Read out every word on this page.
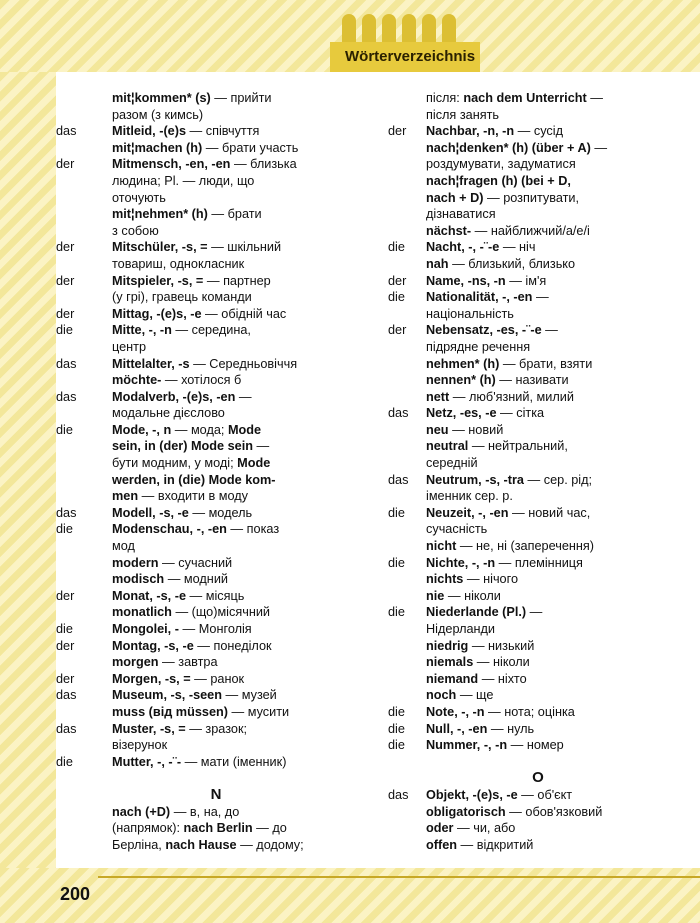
Wörterverzeichnis
mit¦kommen* (s) — прийти
разом (з кимсь)
das	Mitleid, -(e)s — співчуття
mit¦machen (h) — брати участь
der	Mitmensch, -en, -en — близька
людина; Pl. — люди, що
оточують
mit¦nehmen* (h) — брати
з собою
der	Mitschüler, -s, = — шкільний
товариш, однокласник
der	Mitspieler, -s, = — партнер
(у грі), гравець команди
der	Mittag, -(e)s, -e — обідній час
die	Mitte, -, -n — середина,
центр
das	Mittelalter, -s — Середньовіччя
möchte- — хотілося б
das	Modalverb, -(e)s, -en —
модальне дієслово
die	Mode, -, n — мода; Mode
sein, in (der) Mode sein —
бути модним, у моді; Mode
werden, in (die) Mode kom-
men — входити в моду
das	Modell, -s, -e — модель
die	Modenschau, -, -en — показ
мод
modern — сучасний
modisch — модний
der	Monat, -s, -e — місяць
monatlich — (що)місячний
die	Mongolei, - — Монголія
der	Montag, -s, -e — понеділок
morgen — завтра
der	Morgen, -s, = — ранок
das	Museum, -s, -seen — музей
muss (від müssen) — мусити
das	Muster, -s, = — зразок;
візерунок
die	Mutter, -, -¨- — мати (іменник)
N
nach (+D) — в, на, до
(напрямок): nach Berlin — до
Берліна, nach Hause — додому;
після: nach dem Unterricht —
після занять
der	Nachbar, -n, -n — сусід
nach¦denken* (h) (über + A) —
роздумувати, задуматися
nach¦fragen (h) (bei + D,
nach + D) — розпитувати,
дізнаватися
nächst- — найближчий/а/е/і
die	Nacht, -, -¨-e — ніч
nah — близький, близько
der	Name, -ns, -n — ім'я
die	Nationalität, -, -en —
національність
der	Nebensatz, -es, -¨-e —
підрядне речення
nehmen* (h) — брати, взяти
nennen* (h) — називати
nett — люб'язний, милий
das	Netz, -es, -e — сітка
neu — новий
neutral — нейтральний,
середній
das	Neutrum, -s, -tra — сер. рід;
іменник сер. р.
die	Neuzeit, -, -en — новий час,
сучасність
nicht — не, ні (заперечення)
die	Nichte, -, -n — племінниця
nichts — нічого
nie — ніколи
die	Niederlande (Pl.) —
Нідерланди
niedrig — низький
niemals — ніколи
niemand — ніхто
noch — ще
die	Note, -, -n — нота; оцінка
die	Null, -, -en — нуль
die	Nummer, -, -n — номер
O
das	Objekt, -(e)s, -e — об'єкт
obligatorisch — обов'язковий
oder — чи, або
offen — відкритий
200
